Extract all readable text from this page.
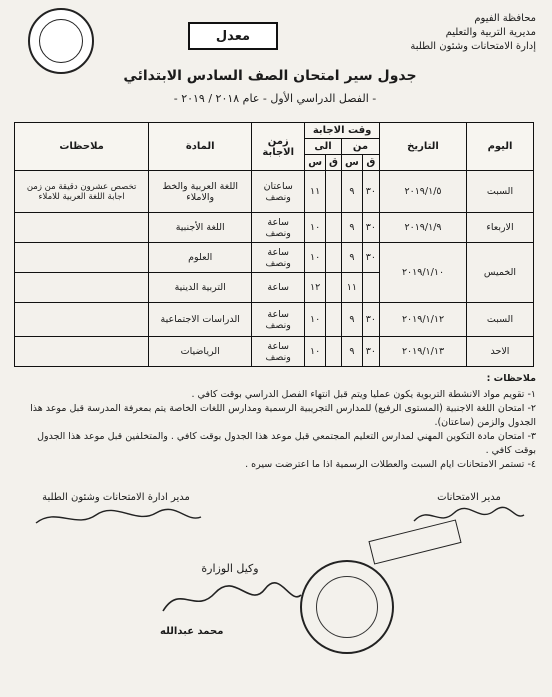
محافظة الفيوم
مديرية التربية والتعليم
إدارة الامتحانات وشئون الطلبة
معدل
جدول سير امتحان الصف السادس الابتدائي
- الفصل الدراسي الأول - عام ٢٠١٨ / ٢٠١٩ -
اليوم	التاريخ	وقت الاجابة				زمن الاجابة	المادة	ملاحظات
		من		الى				
		ق	س	ق	س			
السبت	٢٠١٩/١/٥	٣٠	٩		١١	ساعتان ونصف	اللغة العربية والخط والاملاء	تخصص عشرون دقيقة من زمن اجابة اللغة العربية للاملاء
الاربعاء	٢٠١٩/١/٩	٣٠	٩		١٠	ساعة ونصف	اللغة الأجنبية	
الخميس	٢٠١٩/١/١٠	٣٠	٩		١٠	ساعة ونصف	العلوم	
			١١		١٢	ساعة	التربية الدينية	
السبت	٢٠١٩/١/١٢	٣٠	٩		١٠	ساعة ونصف	الدراسات الاجتماعية	
الاحد	٢٠١٩/١/١٣	٣٠	٩		١٠	ساعة ونصف	الرياضيات	
ملاحظات :
١- تقويم مواد الانشطة التربوية يكون عمليا ويتم قبل انتهاء الفصل الدراسي بوقت كافي .
٢- امتحان اللغة الاجنبية (المستوى الرفيع) للمدارس التجريبية الرسمية ومدارس اللغات الخاصة يتم بمعرفة المدرسة قبل موعد هذا الجدول والزمن (ساعتان).
٣- امتحان مادة التكوين المهني لمدارس التعليم المجتمعي قبل موعد هذا الجدول بوقت كافي . والمتخلفين قبل موعد هذا الجدول بوقت كافي .
٤- تستمر الامتحانات ايام السبت والعطلات الرسمية اذا ما اعترضت سيره .
مدير الامتحانات
مدير ادارة الامتحانات وشئون الطلبة
وكيل الوزارة
محمد عبدالله
